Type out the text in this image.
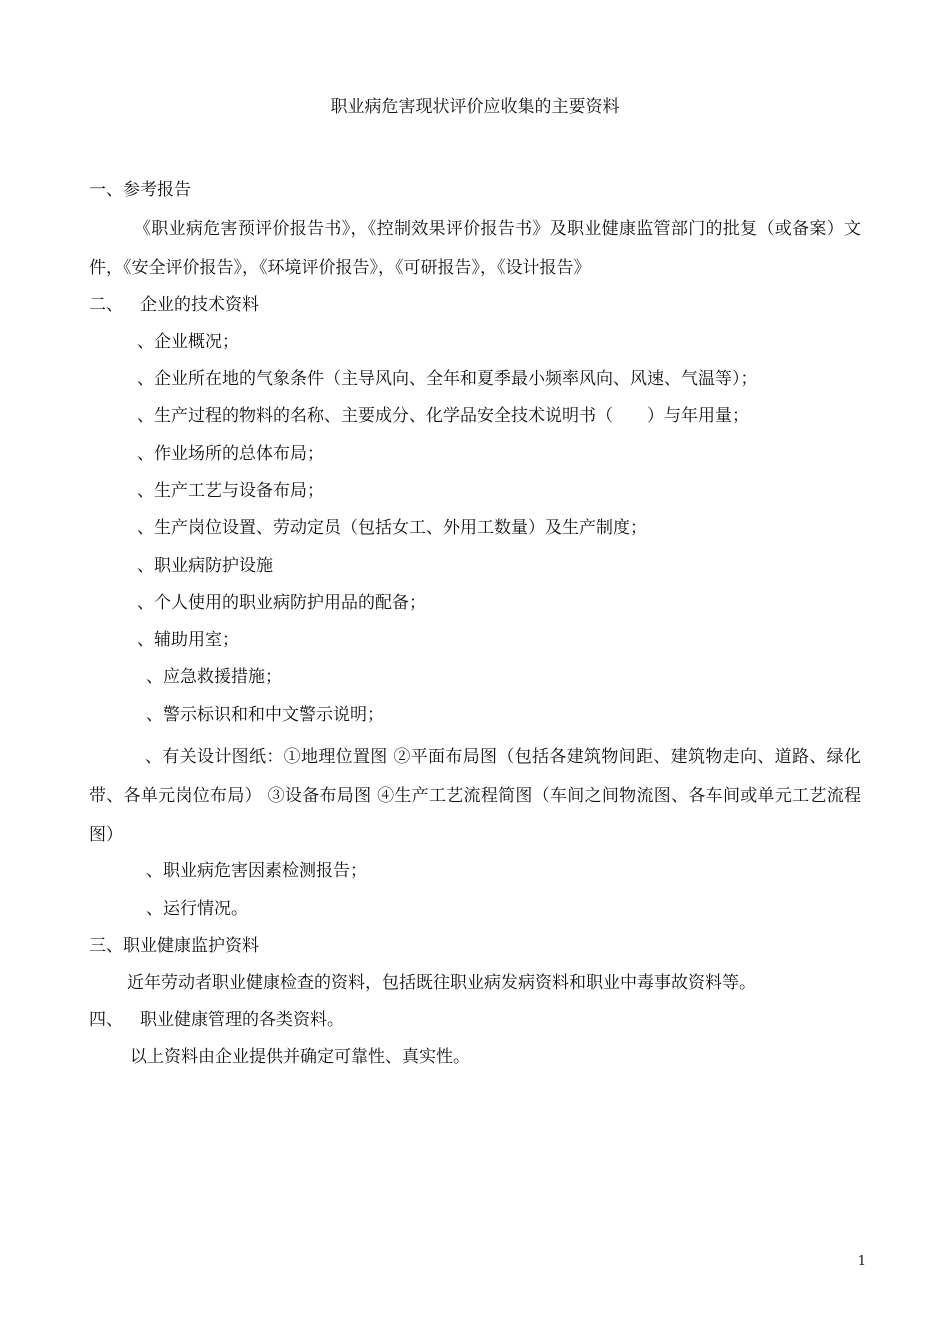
职业病危害现状评价应收集的主要资料
一、参考报告
《职业病危害预评价报告书》，《控制效果评价报告书》及职业健康监管部门的批复（或备案）文件，《安全评价报告》，《环境评价报告》，《可研报告》，《设计报告》
二、 企业的技术资料
、企业概况；
、企业所在地的气象条件（主导风向、全年和夏季最小频率风向、风速、气温等）；
、生产过程的物料的名称、主要成分、化学品安全技术说明书（　　）与年用量；
、作业场所的总体布局；
、生产工艺与设备布局；
、生产岗位设置、劳动定员（包括女工、外用工数量）及生产制度；
、职业病防护设施
、个人使用的职业病防护用品的配备；
、辅助用室；
、应急救援措施；
、警示标识和和中文警示说明；
、有关设计图纸：①地理位置图 ②平面布局图（包括各建筑物间距、建筑物走向、道路、绿化带、各单元岗位布局） ③设备布局图 ④生产工艺流程简图（车间之间物流图、各车间或单元工艺流程图）
、职业病危害因素检测报告；
、运行情况。
三、职业健康监护资料
近年劳动者职业健康检查的资料，包括既往职业病发病资料和职业中毒事故资料等。
四、 职业健康管理的各类资料。
以上资料由企业提供并确定可靠性、真实性。
1
